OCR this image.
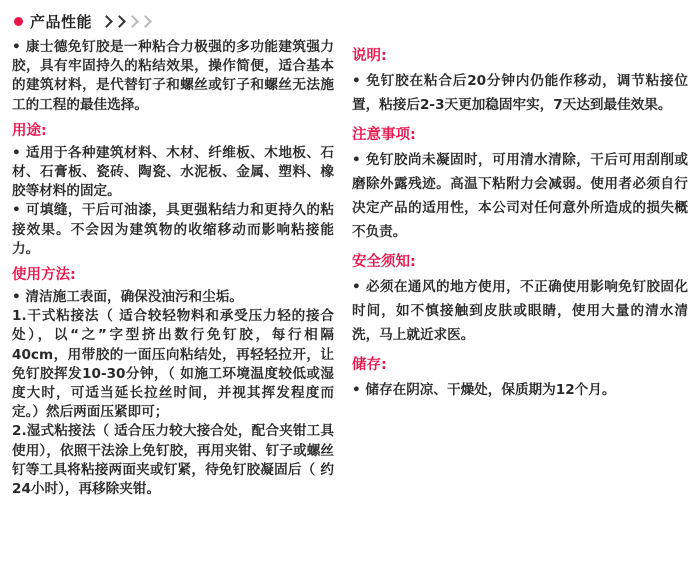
产品性能

• 康士德免钉胶是一种粘合力极强的多功能建筑强力胶，具有牢固持久的粘结效果，操作简便，适合基本的建筑材料，是代替钉子和螺丝或钉子和螺丝无法施工的工程的最佳选择。

用途:

• 适用于各种建筑材料、木材、纤维板、木地板、石材、石膏板、瓷砖、陶瓷、水泥板、金属、塑料、橡胶等材料的固定。

• 可填缝，干后可油漆，具更强粘结力和更持久的粘接效果。不会因为建筑物的收缩移动而影响粘接能力。

使用方法:

• 清洁施工表面，确保没油污和尘垢。

1.干式粘接法（ 适合较轻物料和承受压力轻的接合处），以“之”字型挤出数行免钉胶，每行相隔40cm，用带胶的一面压向粘结处，再轻轻拉开，让免钉胶挥发10-30分钟，（ 如施工环境温度较低或湿度大时，可适当延长拉丝时间，并视其挥发程度而定。）然后两面压紧即可；

2.湿式粘接法（ 适合压力较大接合处，配合夹钳工具使用），依照干法涂上免钉胶，再用夹钳、钉子或螺丝钉等工具将粘接两面夹或钉紧，待免钉胶凝固后（ 约24小时），再移除夹钳。

说明:

• 免钉胶在粘合后20分钟内仍能作移动，调节粘接位置，粘接后2-3天更加稳固牢实，7天达到最佳效果。

注意事项:

• 免钉胶尚未凝固时，可用清水清除，干后可用刮削或磨除外露残迹。高温下粘附力会减弱。使用者必须自行决定产品的适用性，本公司对任何意外所造成的损失概不负责。

安全须知:

• 必须在通风的地方使用，不正确使用影响免钉胶固化时间，如不慎接触到皮肤或眼睛，使用大量的清水清洗，马上就近求医。

储存:

• 储存在阴凉、干燥处，保质期为12个月。
